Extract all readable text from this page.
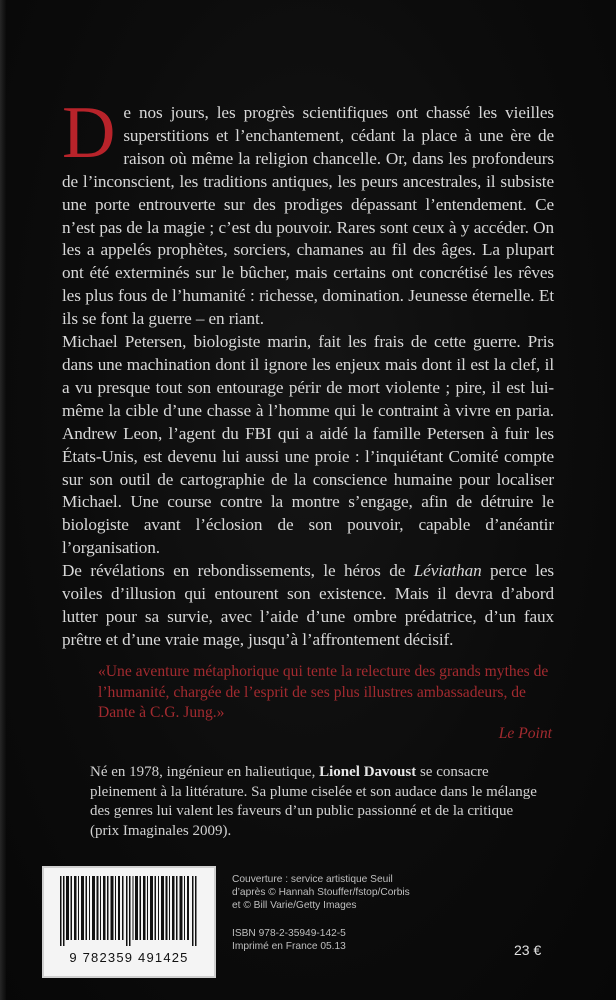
D e nos jours, les progrès scientifiques ont chassé les vieilles superstitions et l’enchantement, cédant la place à une ère de raison où même la religion chancelle. Or, dans les profondeurs de l’inconscient, les traditions antiques, les peurs ancestrales, il subsiste une porte entrouverte sur des prodiges dépassant l’entendement. Ce n’est pas de la magie ; c’est du pouvoir. Rares sont ceux à y accéder. On les a appelés prophètes, sorciers, chamanes au fil des âges. La plupart ont été exterminés sur le bûcher, mais certains ont concrétisé les rêves les plus fous de l’humanité : richesse, domination. Jeunesse éternelle. Et ils se font la guerre – en riant.

Michael Petersen, biologiste marin, fait les frais de cette guerre. Pris dans une machination dont il ignore les enjeux mais dont il est la clef, il a vu presque tout son entourage périr de mort violente ; pire, il est lui-même la cible d’une chasse à l’homme qui le contraint à vivre en paria. Andrew Leon, l’agent du FBI qui a aidé la famille Petersen à fuir les États-Unis, est devenu lui aussi une proie : l’inquiétant Comité compte sur son outil de cartographie de la conscience humaine pour localiser Michael. Une course contre la montre s’engage, afin de détruire le biologiste avant l’éclosion de son pouvoir, capable d’anéantir l’organisation.

De révélations en rebondissements, le héros de Léviathan perce les voiles d’illusion qui entourent son existence. Mais il devra d’abord lutter pour sa survie, avec l’aide d’une ombre prédatrice, d’un faux prêtre et d’une vraie mage, jusqu’à l’affrontement décisif.

«Une aventure métaphorique qui tente la relecture des grands mythes de l’humanité, chargée de l’esprit de ses plus illustres ambassadeurs, de Dante à C.G. Jung.»
Le Point
Né en 1978, ingénieur en halieutique, Lionel Davoust se consacre pleinement à la littérature. Sa plume ciselée et son audace dans le mélange des genres lui valent les faveurs d’un public passionné et de la critique (prix Imaginales 2009).
9 782359 491425
Couverture : service artistique Seuil
d’après © Hannah Stouffer/fstop/Corbis
et © Bill Varie/Getty Images
ISBN 978-2-35949-142-5
Imprimé en France 05.13	23 €
